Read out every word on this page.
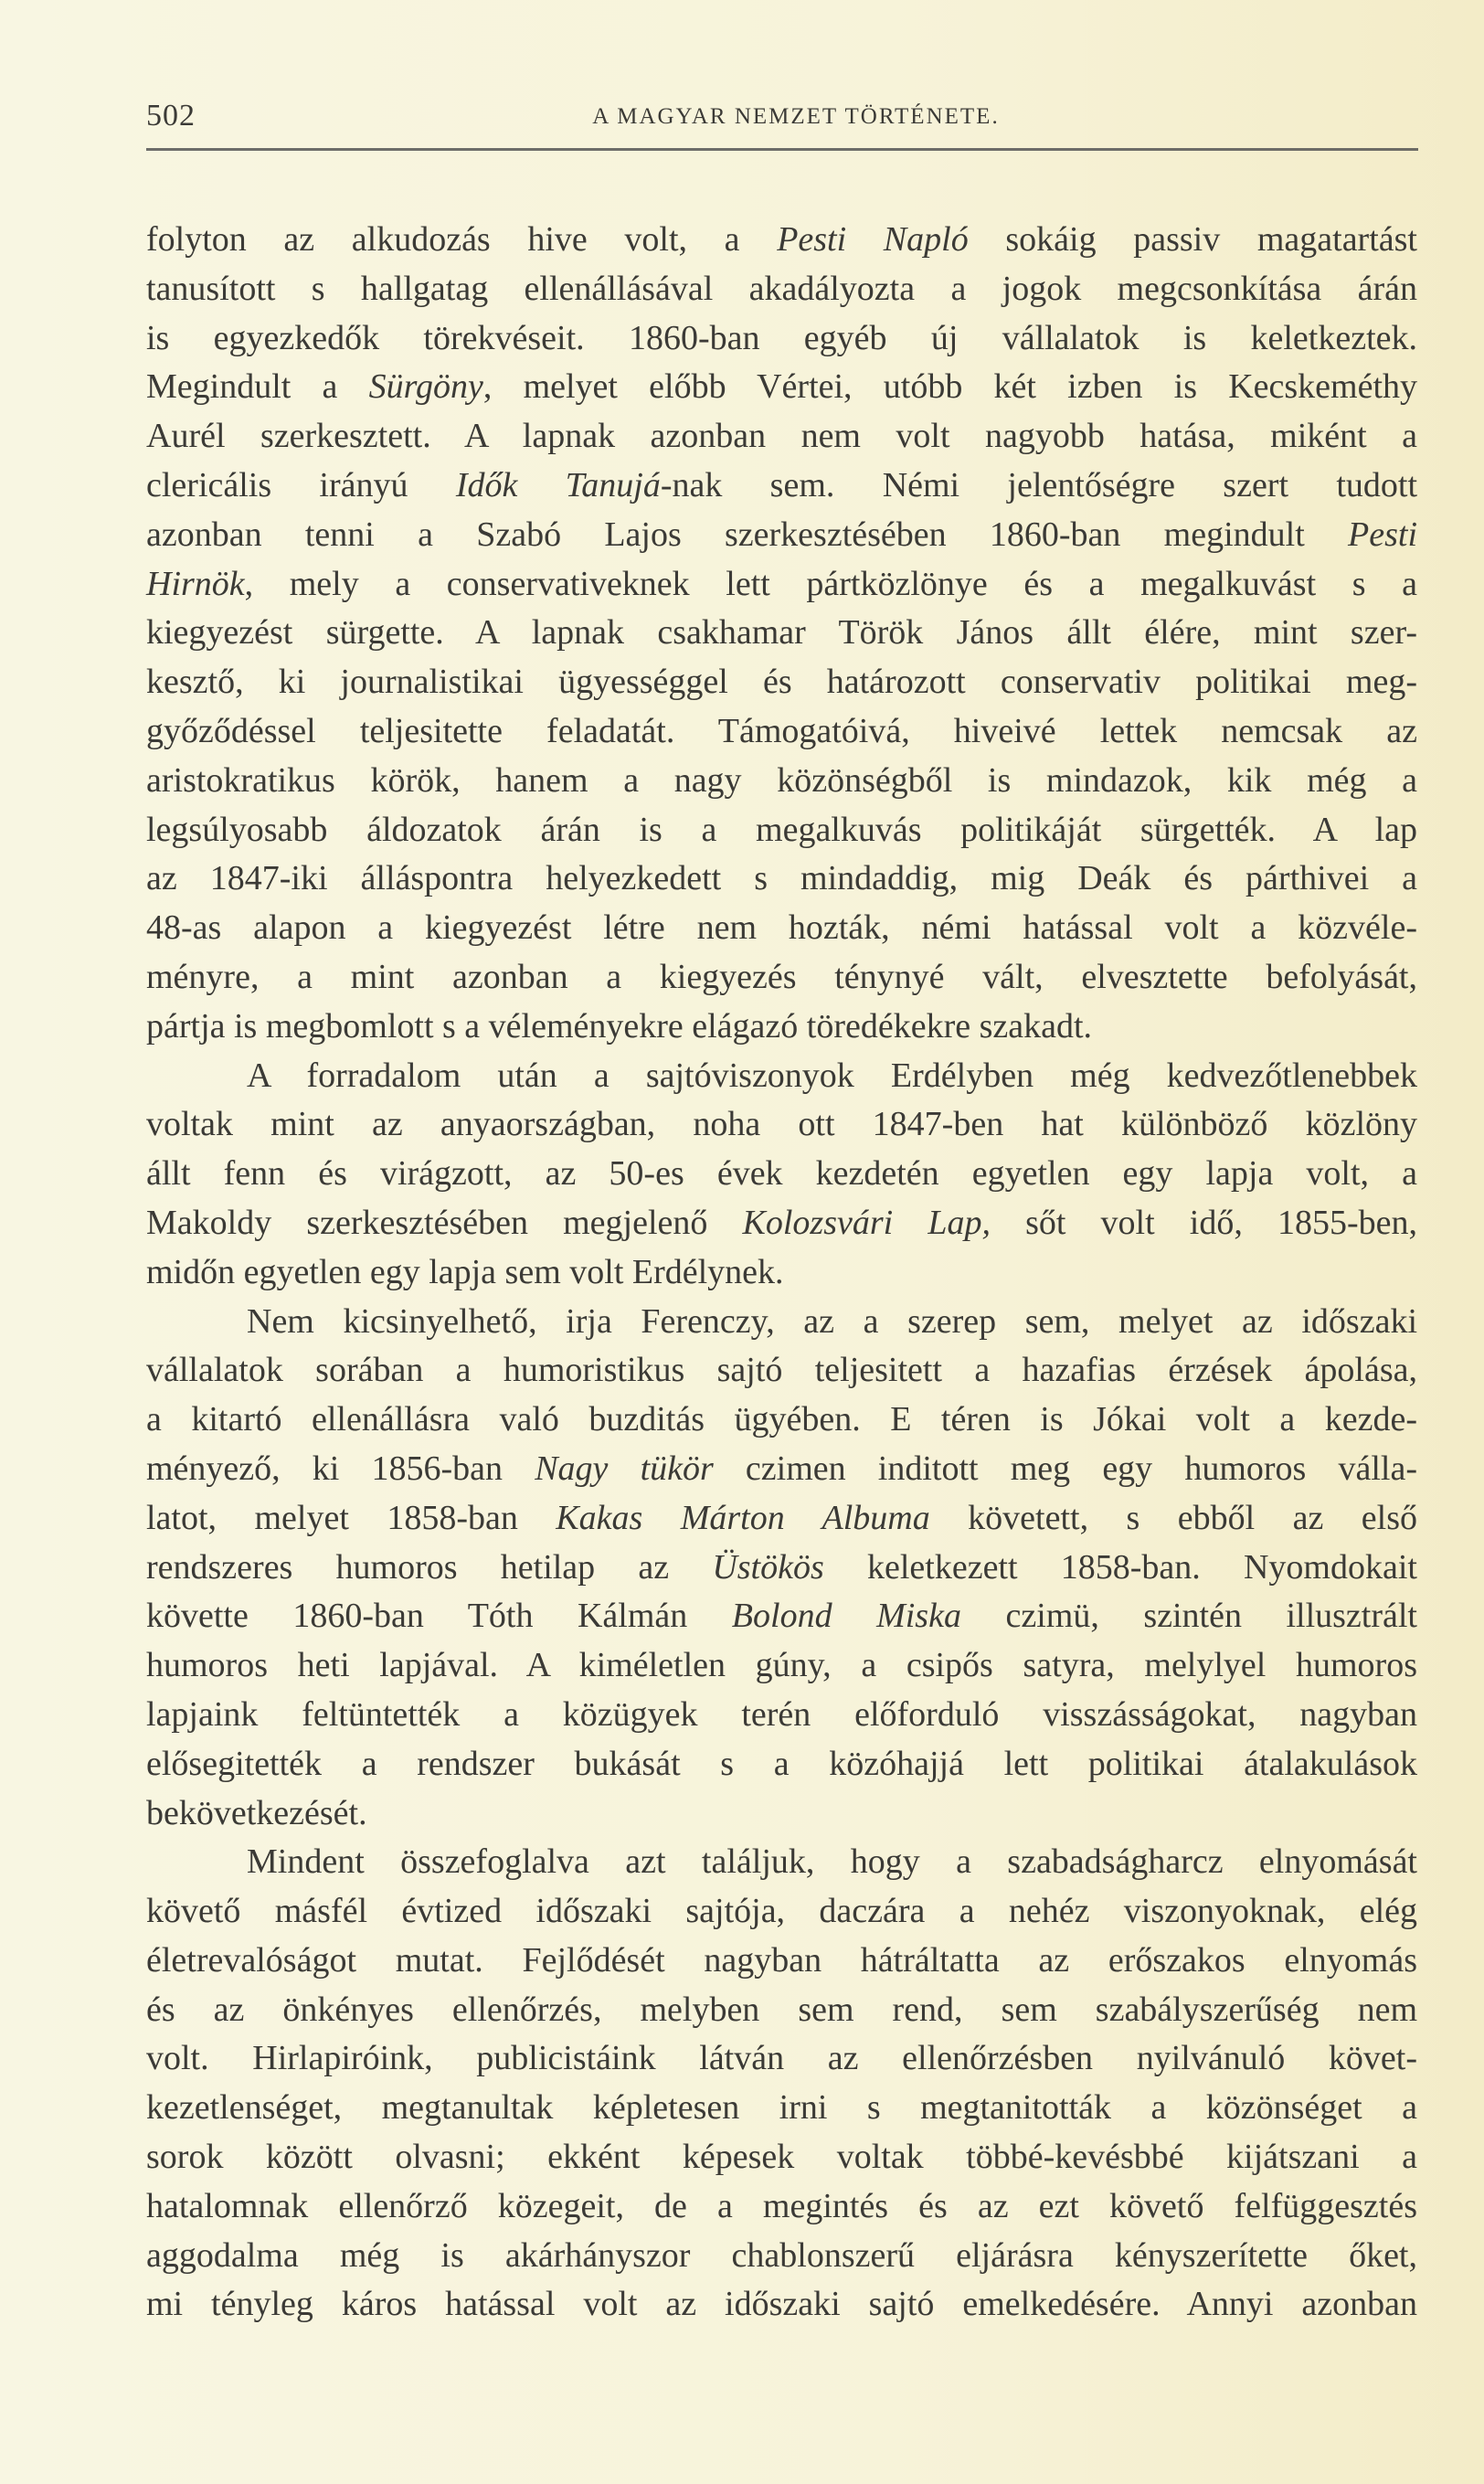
502	A MAGYAR NEMZET TÖRTÉNETE.
folyton az alkudozás hive volt, a Pesti Napló sokáig passiv magatartást
tanusított s hallgatag ellenállásával akadályozta a jogok megcsonkítása árán
is egyezkedők törekvéseit. 1860-ban egyéb új vállalatok is keletkeztek.
Megindult a Sürgöny, melyet előbb Vértei, utóbb két izben is Kecskeméthy
Aurél szerkesztett. A lapnak azonban nem volt nagyobb hatása, miként a
clericális irányú Idők Tanujá-nak sem. Némi jelentőségre szert tudott
azonban tenni a Szabó Lajos szerkesztésében 1860-ban megindult Pesti
Hirnök, mely a conservativeknek lett pártközlönye és a megalkuvást s a
kiegyezést sürgette. A lapnak csakhamar Török János állt élére, mint szer-
kesztő, ki journalistikai ügyességgel és határozott conservativ politikai meg-
győződéssel teljesitette feladatát. Támogatóivá, hiveivé lettek nemcsak az
aristokratikus körök, hanem a nagy közönségből is mindazok, kik még a
legsúlyosabb áldozatok árán is a megalkuvás politikáját sürgették. A lap
az 1847-iki álláspontra helyezkedett s mindaddig, mig Deák és párthivei a
48-as alapon a kiegyezést létre nem hozták, némi hatással volt a közvéle-
ményre, a mint azonban a kiegyezés ténynyé vált, elvesztette befolyását,
pártja is megbomlott s a véleményekre elágazó töredékekre szakadt.
A forradalom után a sajtóviszonyok Erdélyben még kedvezőtlenebbek
voltak mint az anyaországban, noha ott 1847-ben hat különböző közlöny
állt fenn és virágzott, az 50-es évek kezdetén egyetlen egy lapja volt, a
Makoldy szerkesztésében megjelenő Kolozsvári Lap, sőt volt idő, 1855-ben,
midőn egyetlen egy lapja sem volt Erdélynek.
Nem kicsinyelhető, irja Ferenczy, az a szerep sem, melyet az időszaki
vállalatok sorában a humoristikus sajtó teljesitett a hazafias érzések ápolása,
a kitartó ellenállásra való buzditás ügyében. E téren is Jókai volt a kezde-
ményező, ki 1856-ban Nagy tükör czimen inditott meg egy humoros válla-
latot, melyet 1858-ban Kakas Márton Albuma követett, s ebből az első
rendszeres humoros hetilap az Üstökös keletkezett 1858-ban. Nyomdokait
követte 1860-ban Tóth Kálmán Bolond Miska czimü, szintén illusztrált
humoros heti lapjával. A kiméletlen gúny, a csipős satyra, melylyel humoros
lapjaink feltüntették a közügyek terén előforduló visszásságokat, nagyban
elősegitették a rendszer bukását s a közóhajjá lett politikai átalakulások
bekövetkezését.
Mindent összefoglalva azt találjuk, hogy a szabadságharcz elnyomását
követő másfél évtized időszaki sajtója, daczára a nehéz viszonyoknak, elég
életrevalóságot mutat. Fejlődését nagyban hátráltatta az erőszakos elnyomás
és az önkényes ellenőrzés, melyben sem rend, sem szabályszerűség nem
volt. Hirlapiróink, publicistáink látván az ellenőrzésben nyilvánuló követ-
kezetlenséget, megtanultak képletesen irni s megtanitották a közönséget a
sorok között olvasni; ekként képesek voltak többé-kevésbbé kijátszani a
hatalomnak ellenőrző közegeit, de a megintés és az ezt követő felfüggesztés
aggodalma még is akárhányszor chablonszerű eljárásra kényszerítette őket,
mi tényleg káros hatással volt az időszaki sajtó emelkedésére. Annyi azonban
